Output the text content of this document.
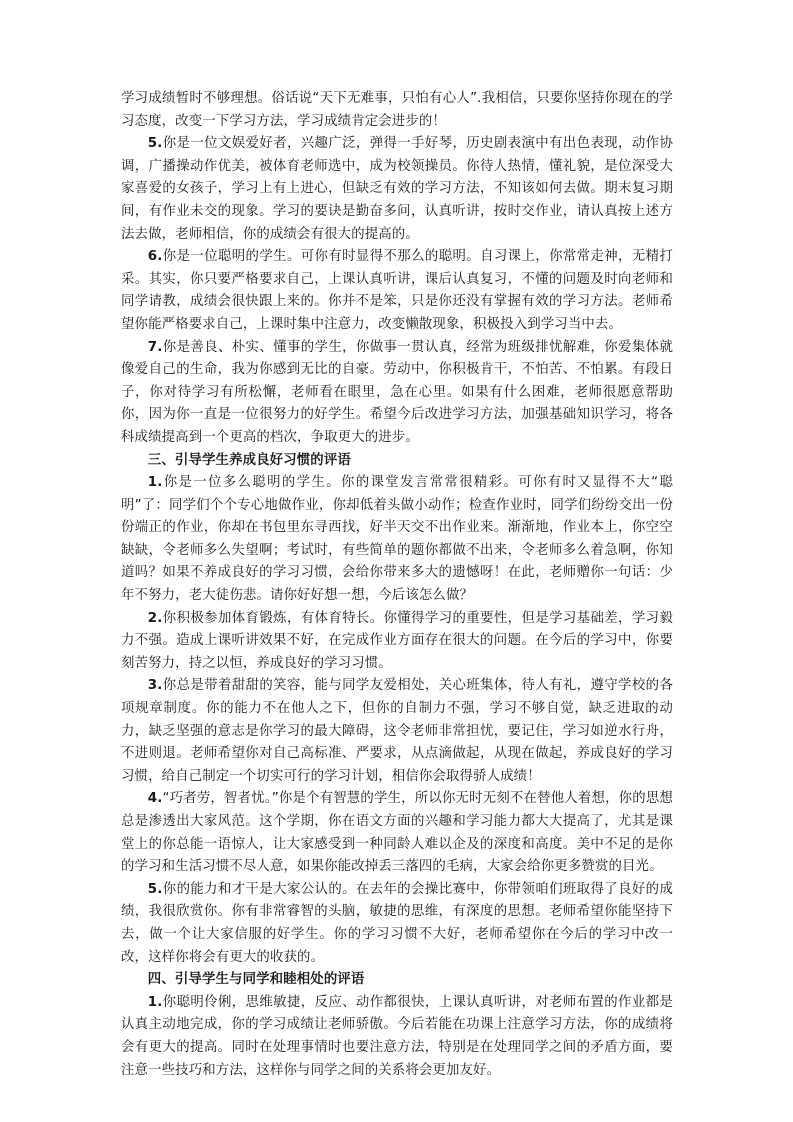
学习成绩暂时不够理想。俗话说“天下无难事，只怕有心人”.我相信，只要你坚持你现在的学习态度，改变一下学习方法，学习成绩肯定会进步的！

5.你是一位文娱爱好者，兴趣广泛，弹得一手好琴，历史剧表演中有出色表现，动作协调，广播操动作优美，被体育老师选中，成为校领操员。你待人热情，懂礼貌，是位深受大家喜爱的女孩子，学习上有上进心，但缺乏有效的学习方法，不知该如何去做。期末复习期间，有作业未交的现象。学习的要诀是勤奋多问，认真听讲，按时交作业，请认真按上述方法去做，老师相信，你的成绩会有很大的提高的。

6.你是一位聪明的学生。可你有时显得不那么的聪明。自习课上，你常常走神，无精打采。其实，你只要严格要求自己，上课认真听讲，课后认真复习，不懂的问题及时向老师和同学请教，成绩会很快跟上来的。你并不是笨，只是你还没有掌握有效的学习方法。老师希望你能严格要求自己，上课时集中注意力，改变懒散现象，积极投入到学习当中去。

7.你是善良、朴实、懂事的学生，你做事一贯认真，经常为班级排忧解难，你爱集体就像爱自己的生命，我为你感到无比的自豪。劳动中，你积极肯干，不怕苦、不怕累。有段日子，你对待学习有所松懈，老师看在眼里，急在心里。如果有什么困难，老师很愿意帮助你，因为你一直是一位很努力的好学生。希望今后改进学习方法，加强基础知识学习，将各科成绩提高到一个更高的档次，争取更大的进步。

三、引导学生养成良好习惯的评语

1.你是一位多么聪明的学生。你的课堂发言常常很精彩。可你有时又显得不大“聪明”了：同学们个个专心地做作业，你却低着头做小动作；检查作业时，同学们纷纷交出一份份端正的作业，你却在书包里东寻西找，好半天交不出作业来。渐渐地，作业本上，你空空缺缺，令老师多么失望啊；考试时，有些简单的题你都做不出来，令老师多么着急啊，你知道吗？如果不养成良好的学习习惯，会给你带来多大的遗憾呀！在此，老师赠你一句话：少年不努力，老大徒伤悲。请你好好想一想，今后该怎么做？

2.你积极参加体育锻炼，有体育特长。你懂得学习的重要性，但是学习基础差，学习毅力不强。造成上课听讲效果不好，在完成作业方面存在很大的问题。在今后的学习中，你要刻苦努力，持之以恒，养成良好的学习习惯。

3.你总是带着甜甜的笑容，能与同学友爱相处，关心班集体，待人有礼，遵守学校的各项规章制度。你的能力不在他人之下，但你的自制力不强，学习不够自觉，缺乏进取的动力，缺乏坚强的意志是你学习的最大障碍，这令老师非常担忧，要记住，学习如逆水行舟，不进则退。老师希望你对自己高标准、严要求，从点滴做起，从现在做起，养成良好的学习习惯，给自己制定一个切实可行的学习计划，相信你会取得骄人成绩！

4.“巧者劳，智者忧。”你是个有智慧的学生，所以你无时无刻不在替他人着想，你的思想总是渗透出大家风范。这个学期，你在语文方面的兴趣和学习能力都大大提高了，尤其是课堂上的你总能一语惊人，让大家感受到一种同龄人难以企及的深度和高度。美中不足的是你的学习和生活习惯不尽人意，如果你能改掉丢三落四的毛病，大家会给你更多赞赏的目光。

5.你的能力和才干是大家公认的。在去年的会操比赛中，你带领咱们班取得了良好的成绩，我很欣赏你。你有非常睿智的头脑，敏捷的思维，有深度的思想。老师希望你能坚持下去，做一个让大家信服的好学生。你的学习习惯不大好，老师希望你在今后的学习中改一改，这样你将会有更大的收获的。

四、引导学生与同学和睦相处的评语

1.你聪明伶俐，思维敏捷，反应、动作都很快，上课认真听讲，对老师布置的作业都是认真主动地完成，你的学习成绩让老师骄傲。今后若能在功课上注意学习方法，你的成绩将会有更大的提高。同时在处理事情时也要注意方法，特别是在处理同学之间的矛盾方面，要注意一些技巧和方法，这样你与同学之间的关系将会更加友好。
